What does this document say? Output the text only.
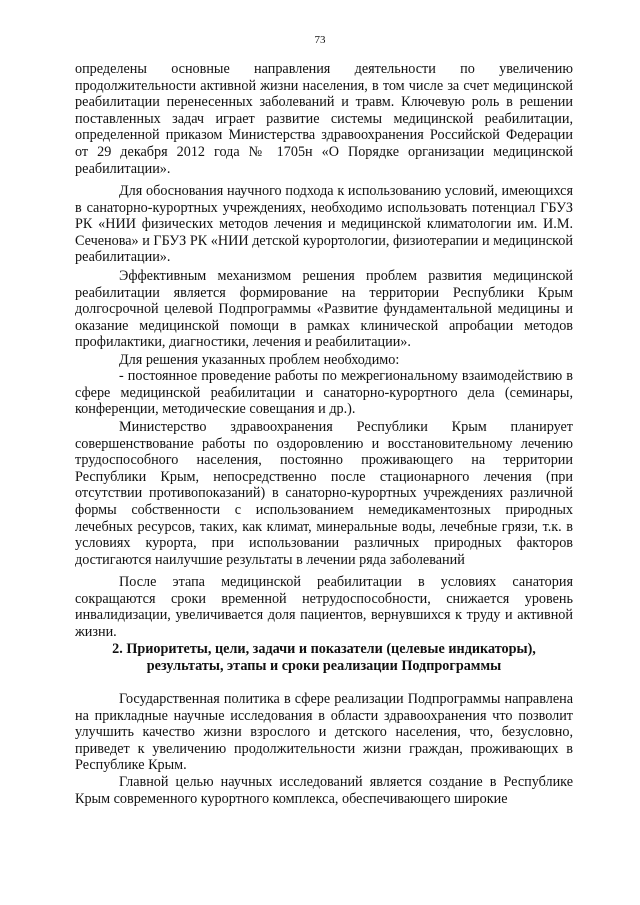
73

определены основные направления деятельности по увеличению продолжительности активной жизни населения, в том числе за счет медицинской реабилитации перенесенных заболеваний и травм. Ключевую роль в решении поставленных задач играет развитие системы медицинской реабилитации, определенной приказом Министерства здравоохранения Российской Федерации от 29 декабря 2012 года № 1705н «О Порядке организации медицинской реабилитации».

Для обоснования научного подхода к использованию условий, имеющихся в санаторно-курортных учреждениях, необходимо использовать потенциал ГБУЗ РК «НИИ физических методов лечения и медицинской климатологии им. И.М. Сеченова» и ГБУЗ РК «НИИ детской курортологии, физиотерапии и медицинской реабилитации».

Эффективным механизмом решения проблем развития медицинской реабилитации является формирование на территории Республики Крым долгосрочной целевой Подпрограммы «Развитие фундаментальной медицины и оказание медицинской помощи в рамках клинической апробации методов профилактики, диагностики, лечения и реабилитации».

Для решения указанных проблем необходимо:

- постоянное проведение работы по межрегиональному взаимодействию в сфере медицинской реабилитации и санаторно-курортного дела (семинары, конференции, методические совещания и др.).

Министерство здравоохранения Республики Крым планирует совершенствование работы по оздоровлению и восстановительному лечению трудоспособного населения, постоянно проживающего на территории Республики Крым, непосредственно после стационарного лечения (при отсутствии противопоказаний) в санаторно-курортных учреждениях различной формы собственности с использованием немедикаментозных природных лечебных ресурсов, таких, как климат, минеральные воды, лечебные грязи, т.к. в условиях курорта, при использовании различных природных факторов достигаются наилучшие результаты в лечении ряда заболеваний

После этапа медицинской реабилитации в условиях санатория сокращаются сроки временной нетрудоспособности, снижается уровень инвалидизации, увеличивается доля пациентов, вернувшихся к труду и активной жизни.

2. Приоритеты, цели, задачи и показатели (целевые индикаторы),

результаты, этапы и сроки реализации Подпрограммы

Государственная политика в сфере реализации Подпрограммы направлена на прикладные научные исследования в области здравоохранения что позволит улучшить качество жизни взрослого и детского населения, что, безусловно, приведет к увеличению продолжительности жизни граждан, проживающих в Республике Крым.

Главной целью научных исследований является создание в Республике Крым современного курортного комплекса, обеспечивающего широкие
